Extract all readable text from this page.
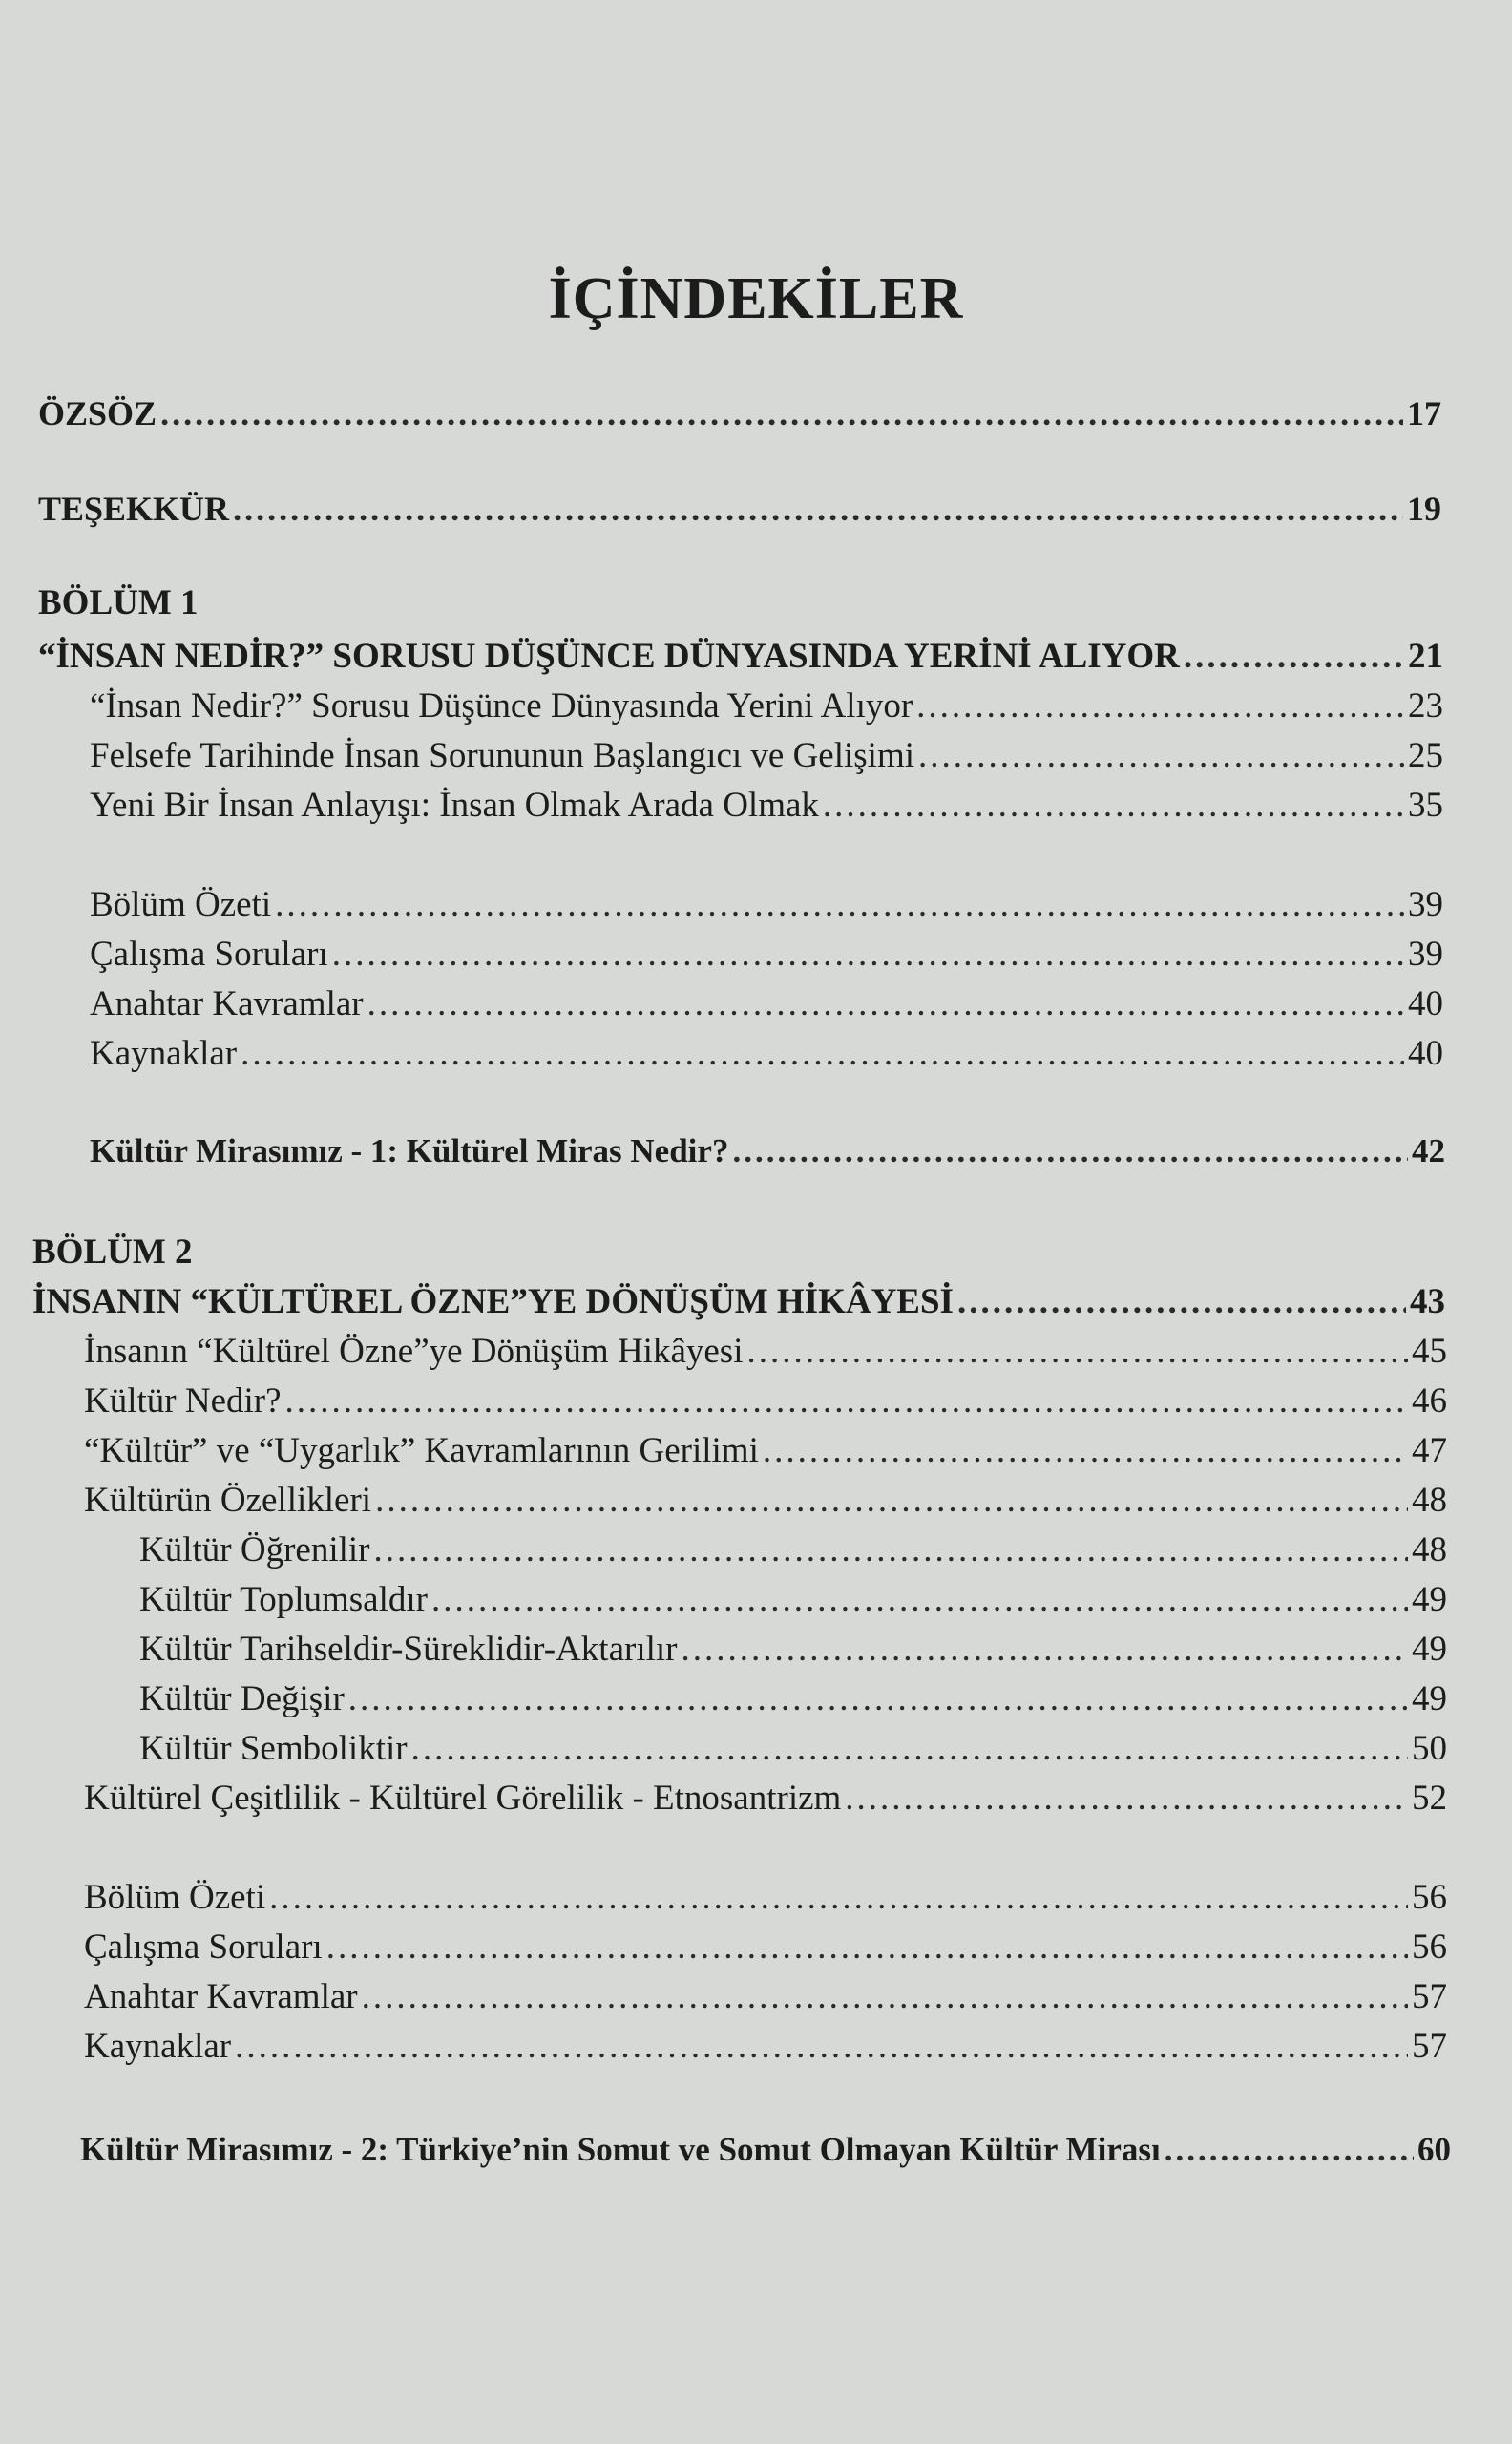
İÇİNDEKİLER
ÖZSÖZ .....	17
TEŞEKKÜR .....	19
BÖLÜM 1
“İNSAN NEDİR?” SORUSU DÜŞÜNCE DÜNYASINDA YERİNİ ALIYOR .....	21
“İnsan Nedir?” Sorusu Düşünce Dünyasında Yerini Alıyor .....	23
Felsefe Tarihinde İnsan Sorununun Başlangıcı ve Gelişimi .....	25
Yeni Bir İnsan Anlayışı: İnsan Olmak Arada Olmak .....	35
Bölüm Özeti .....	39
Çalışma Soruları .....	39
Anahtar Kavramlar .....	40
Kaynaklar .....	40
Kültür Mirasımız - 1: Kültürel Miras Nedir? .....	42
BÖLÜM 2
İNSANIN “KÜLTÜREL ÖZNE”YE DÖNÜŞÜM HİKÂYESİ .....	43
İnsanın “Kültürel Özne”ye Dönüşüm Hikâyesi .....	45
Kültür Nedir? .....	46
“Kültür” ve “Uygarlık” Kavramlarının Gerilimi .....	47
Kültürün Özellikleri .....	48
Kültür Öğrenilir .....	48
Kültür Toplumsaldır .....	49
Kültür Tarihseldir-Süreklidir-Aktarılır .....	49
Kültür Değişir .....	49
Kültür Semboliktir .....	50
Kültürel Çeşitlilik - Kültürel Görelilik - Etnosantrizm .....	52
Bölüm Özeti .....	56
Çalışma Soruları .....	56
Anahtar Kavramlar .....	57
Kaynaklar .....	57
Kültür Mirasımız - 2: Türkiye’nin Somut ve Somut Olmayan Kültür Mirası .....	60
